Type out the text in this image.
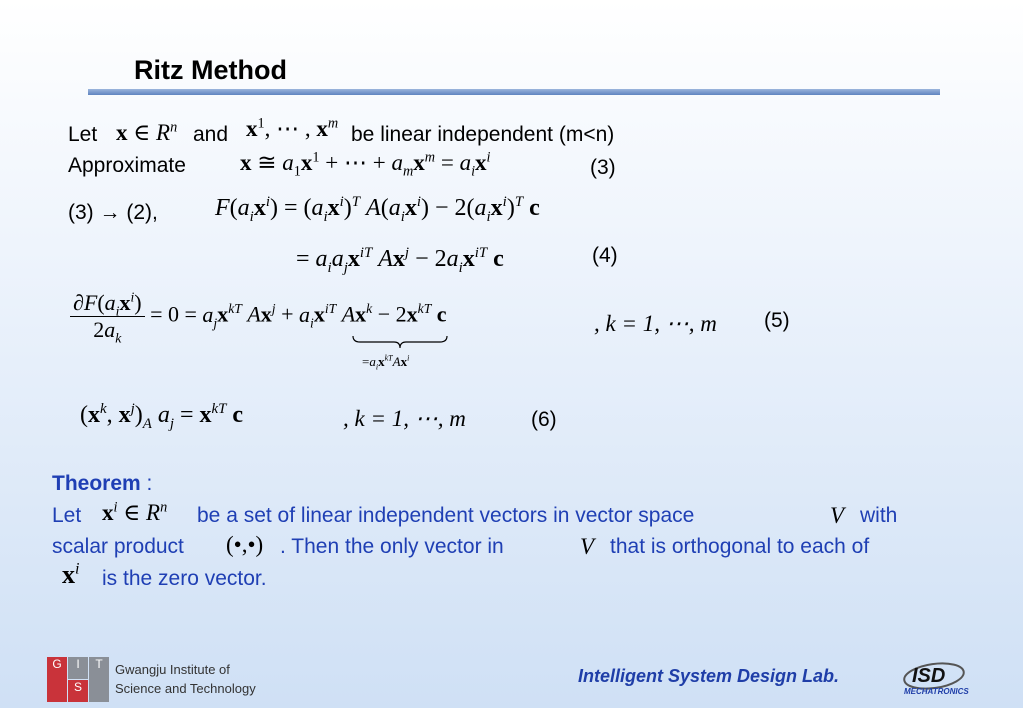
Ritz Method
Let x ∈ $R^n$ and $x^1$, ⋯ , $x^m$ be linear independent (m<n)
Approximate x ≅ $a_1x^1$ + ⋯ + $a_mx^m = a_ix^i$	(3)
(3) → (2), $F(a_ix^i) = (a_ix^i)^T$ $A(a_ix^i) - 2(a_ix^i)^T$ c
= $a_ia_jx^{iT}$ $Ax^j - 2a_ix^{iT}$ c	(4)
$\frac{\partial F(a_ix^i)}{2a_k} = 0 = a_jx^{kT}$ $Ax^j + a_ix^{iT}$ $Ax^k - 2x^{kT}$ c
$=a_ix^{kT}Ax^i$
, k = 1, ⋯, m (5)
($x^k$, $x^j)_A$ $a_j = x^{kT}$ c	, k = 1, ⋯, m	(6)
Theorem :
Let $x^i$ ∈ $R^n$ be a set of linear independent vectors in vector space	V with
scalar product (•,•) . Then the only vector in	V that is orthogonal to each of
$x^i$ is the zero vector.
G	I
S
T Gwangju Institute of
Science and Technology
Intelligent System Design Lab.	ISD
MECHATRONICS
